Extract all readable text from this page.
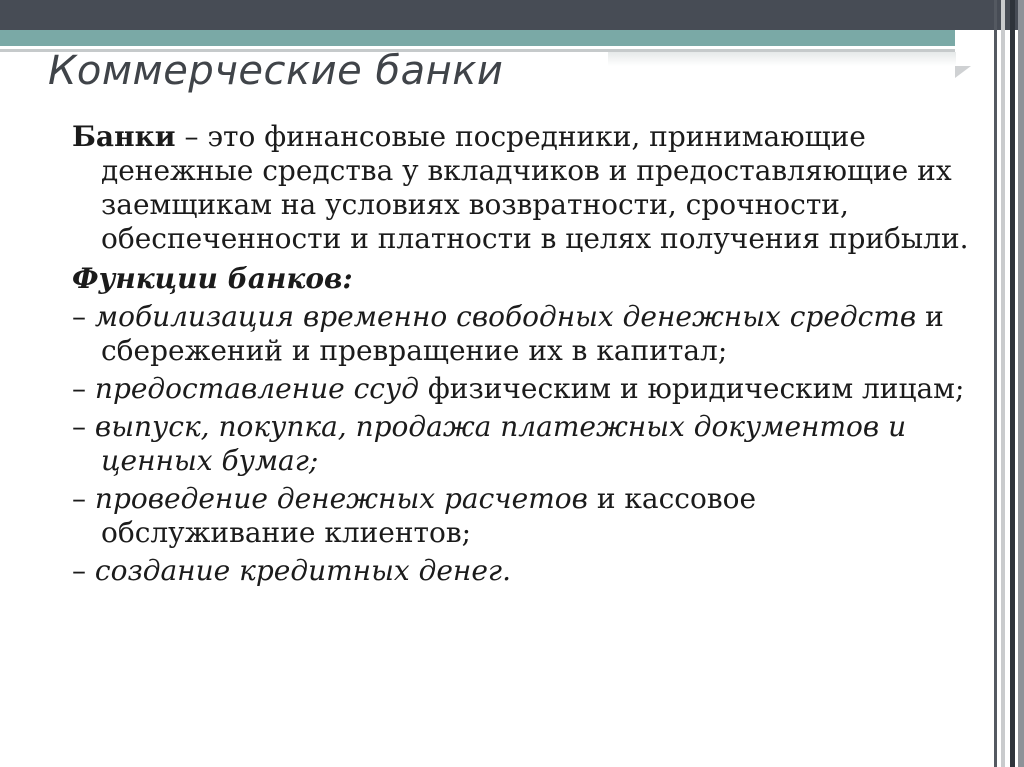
Коммерческие банки

Банки – это финансовые посредники, принимающие денежные средства у вкладчиков и предоставляющие их заемщикам на условиях возвратности, срочности, обеспеченности и платности в целях получения прибыли.

Функции банков:

– мобилизация временно свободных денежных средств и сбережений и превращение их в капитал;

– предоставление ссуд физическим и юридическим лицам;

– выпуск, покупка, продажа платежных документов и ценных бумаг;

– проведение денежных расчетов и кассовое обслуживание клиентов;

– создание кредитных денег.
